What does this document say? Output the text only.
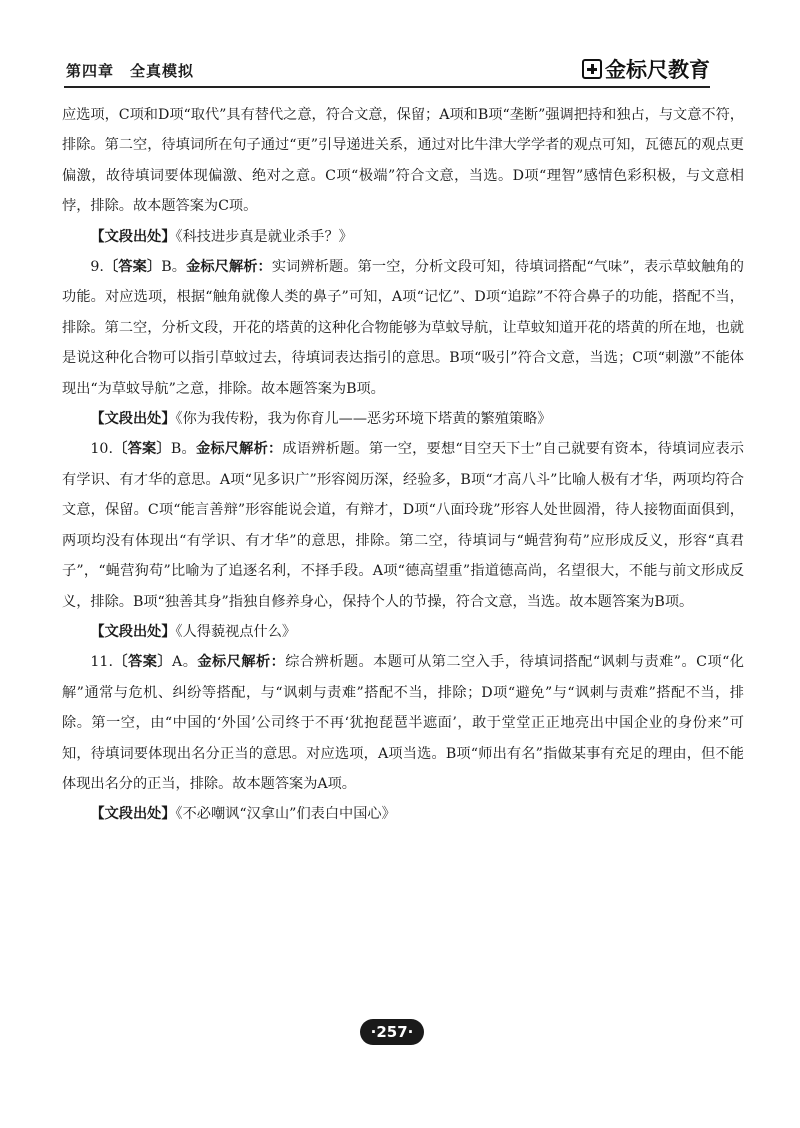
第四章　全真模拟	金标尺教育

应选项，C项和D项“取代”具有替代之意，符合文意，保留；A项和B项“垄断”强调把持和独占，与文意不符，排除。第二空，待填词所在句子通过“更”引导递进关系，通过对比牛津大学学者的观点可知，瓦德瓦的观点更偏激，故待填词要体现偏激、绝对之意。C项“极端”符合文意，当选。D项“理智”感情色彩积极，与文意相悖，排除。故本题答案为C项。

【文段出处】《科技进步真是就业杀手？》

9.〔答案〕B。金标尺解析：实词辨析题。第一空，分析文段可知，待填词搭配“气味”，表示草蚊触角的功能。对应选项，根据“触角就像人类的鼻子”可知，A项“记忆”、D项“追踪”不符合鼻子的功能，搭配不当，排除。第二空，分析文段，开花的塔黄的这种化合物能够为草蚊导航，让草蚊知道开花的塔黄的所在地，也就是说这种化合物可以指引草蚊过去，待填词表达指引的意思。B项“吸引”符合文意，当选；C项“刺激”不能体现出“为草蚊导航”之意，排除。故本题答案为B项。

【文段出处】《你为我传粉，我为你育儿——恶劣环境下塔黄的繁殖策略》

10.〔答案〕B。金标尺解析：成语辨析题。第一空，要想“目空天下士”自己就要有资本，待填词应表示有学识、有才华的意思。A项“见多识广”形容阅历深，经验多，B项“才高八斗”比喻人极有才华，两项均符合文意，保留。C项“能言善辩”形容能说会道，有辩才，D项“八面玲珑”形容人处世圆滑，待人接物面面俱到，两项均没有体现出“有学识、有才华”的意思，排除。第二空，待填词与“蝇营狗苟”应形成反义，形容“真君子”，“蝇营狗苟”比喻为了追逐名利，不择手段。A项“德高望重”指道德高尚，名望很大，不能与前文形成反义，排除。B项“独善其身”指独自修养身心，保持个人的节操，符合文意，当选。故本题答案为B项。

【文段出处】《人得藐视点什么》

11.〔答案〕A。金标尺解析：综合辨析题。本题可从第二空入手，待填词搭配“讽刺与责难”。C项“化解”通常与危机、纠纷等搭配，与“讽刺与责难”搭配不当，排除；D项“避免”与“讽刺与责难”搭配不当，排除。第一空，由“中国的‘外国’公司终于不再‘犹抱琵琶半遮面’，敢于堂堂正正地亮出中国企业的身份来”可知，待填词要体现出名分正当的意思。对应选项，A项当选。B项“师出有名”指做某事有充足的理由，但不能体现出名分的正当，排除。故本题答案为A项。

【文段出处】《不必嘲讽“汉拿山”们表白中国心》

·257·
